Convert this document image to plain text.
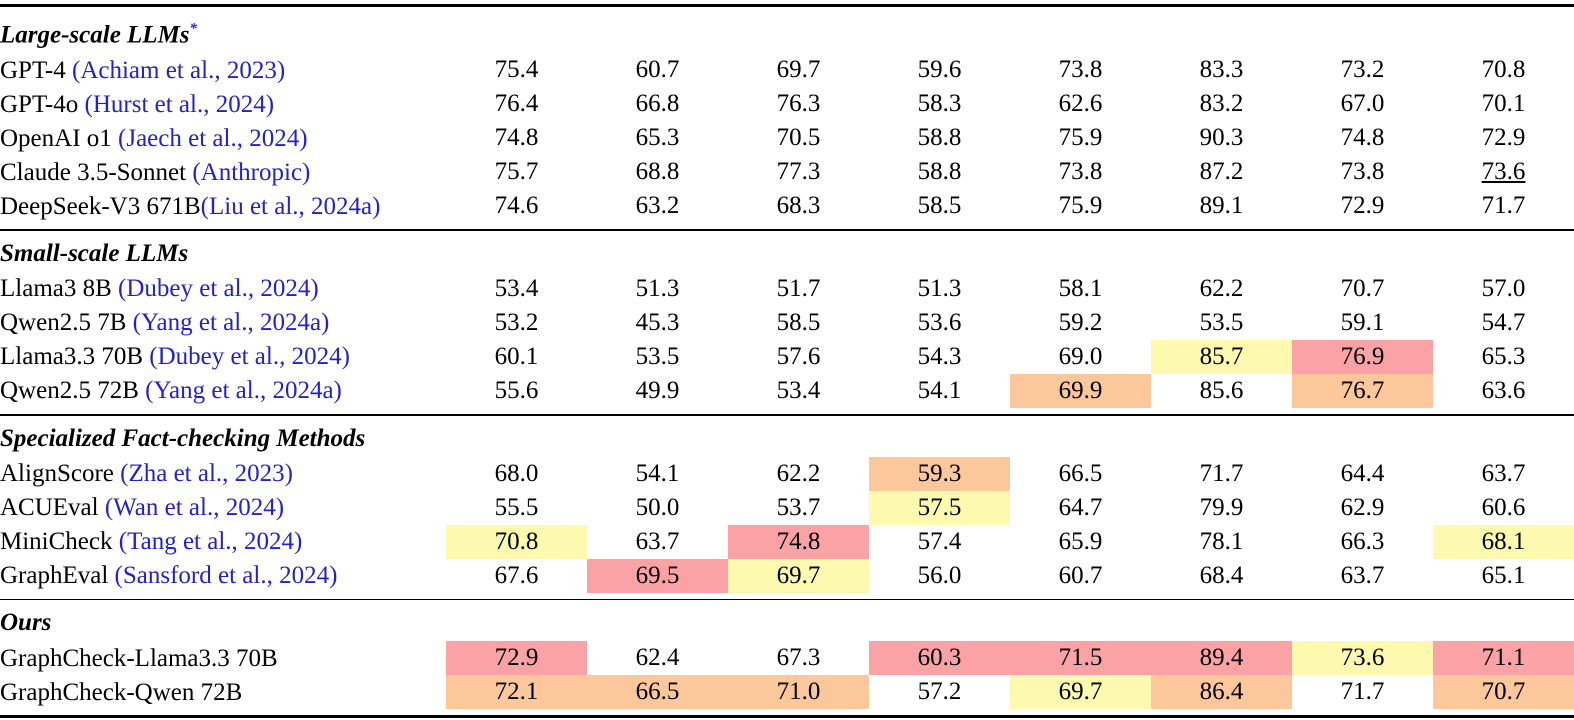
Large-scale LLMs*
GPT-4 (Achiam et al., 2023)	75.4	60.7	69.7	59.6	73.8	83.3	73.2	70.8

GPT-4o (Hurst et al., 2024)	76.4	66.8	76.3	58.3	62.6	83.2	67.0	70.1

OpenAI o1 (Jaech et al., 2024)	74.8	65.3	70.5	58.8	75.9	90.3	74.8	72.9

Claude 3.5-Sonnet (Anthropic)	75.7	68.8	77.3	58.8	73.8	87.2	73.8	73.6

DeepSeek-V3 671B(Liu et al., 2024a)	74.6	63.2	68.3	58.5	75.9	89.1	72.9	71.7

Small-scale LLMs								
Llama3 8B (Dubey et al., 2024)	53.4	51.3	51.7	51.3	58.1	62.2	70.7	57.0

Qwen2.5 7B (Yang et al., 2024a)	53.2	45.3	58.5	53.6	59.2	53.5	59.1	54.7

Llama3.3 70B (Dubey et al., 2024)	60.1	53.5	57.6	54.3	69.0	85.7	76.9	65.3

Qwen2.5 72B (Yang et al., 2024a)	55.6	49.9	53.4	54.1	69.9	85.6	76.7	63.6

Specialized Fact-checking Methods								
AlignScore (Zha et al., 2023)	68.0	54.1	62.2	59.3	66.5	71.7	64.4	63.7

ACUEval (Wan et al., 2024)	55.5	50.0	53.7	57.5	64.7	79.9	62.9	60.6

MiniCheck (Tang et al., 2024)	70.8	63.7	74.8	57.4	65.9	78.1	66.3	68.1

GraphEval (Sansford et al., 2024)	67.6	69.5	69.7	56.0	60.7	68.4	63.7	65.1

Ours								
GraphCheck-Llama3.3 70B	72.9	62.4	67.3	60.3	71.5	89.4	73.6	71.1

GraphCheck-Qwen 72B	72.1	66.5	71.0	57.2	69.7	86.4	71.7	70.7
